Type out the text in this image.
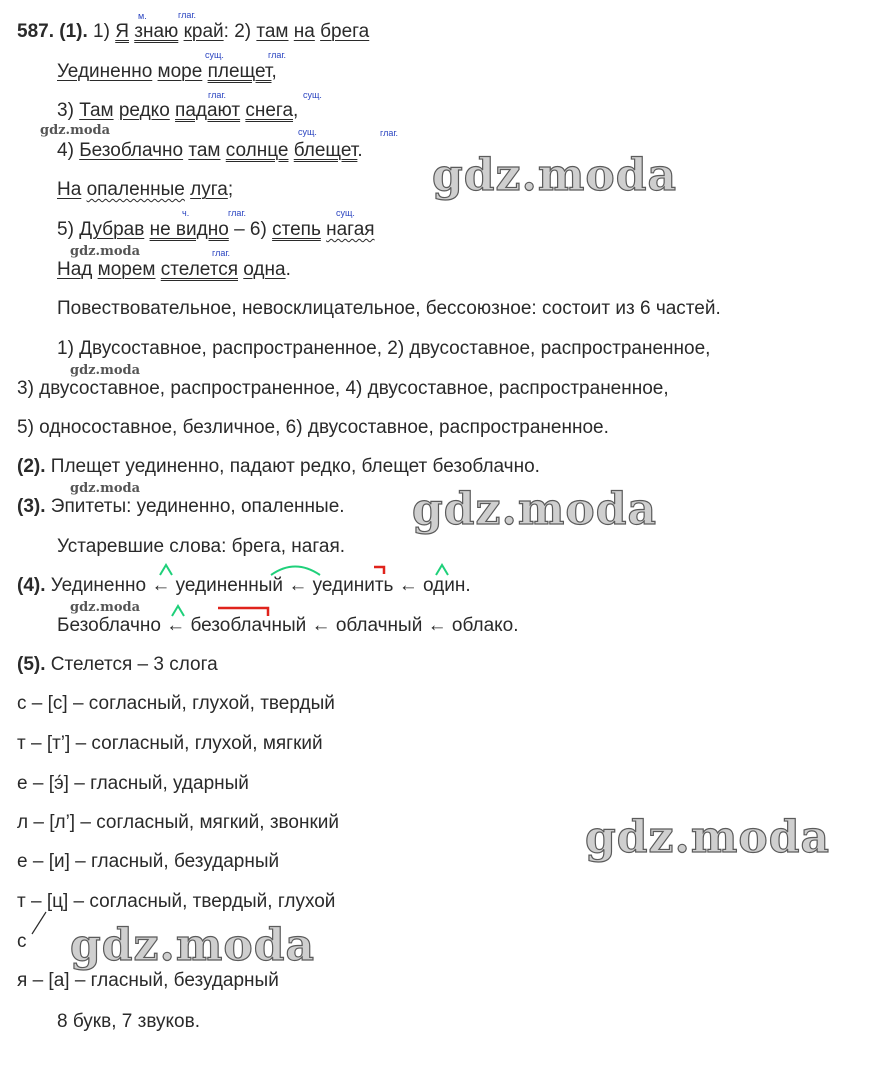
587. (1). 1) Я знаю край: 2) там на брега
м.	глаг.
сущ.	глаг.
Уединенно море плещет,
глаг.	сущ.
3) Там редко падают снега,
gdz.moda	сущ.	глаг.
4) Безоблачно там солнце блещет. gdz.moda
На опаленные луга;
ч.	глаг.	сущ.
5) Дубрав не видно – 6) степь нагая
gdz.moda	глаг.
Над морем стелется одна.
Повествовательное, невосклицательное, бессоюзное: состоит из 6 частей.
1) Двусоставное, распространенное, 2) двусоставное, распространенное,
gdz.moda
3) двусоставное, распространенное, 4) двусоставное, распространенное,
5) односоставное, безличное, 6) двусоставное, распространенное.
(2). Плещет уединенно, падают редко, блещет безоблачно.
gdz.moda
(3). Эпитеты: уединенно, опаленные. gdz.moda
Устаревшие слова: брега, нагая.
(4). Уединенно ← уединенный ← уединить ← один.
gdz.moda
Безоблачно ← безоблачный ← облачный ← облако.
(5). Стелется – 3 слога
с – [с] – согласный, глухой, твердый
т – [т’] – согласный, глухой, мягкий
е – [э́] – гласный, ударный
л – [л’] – согласный, мягкий, звонкий	gdz.moda
е – [и] – гласный, безударный
т – [ц] – согласный, твердый, глухой
с gdz.moda
я – [а] – гласный, безударный
8 букв, 7 звуков.
